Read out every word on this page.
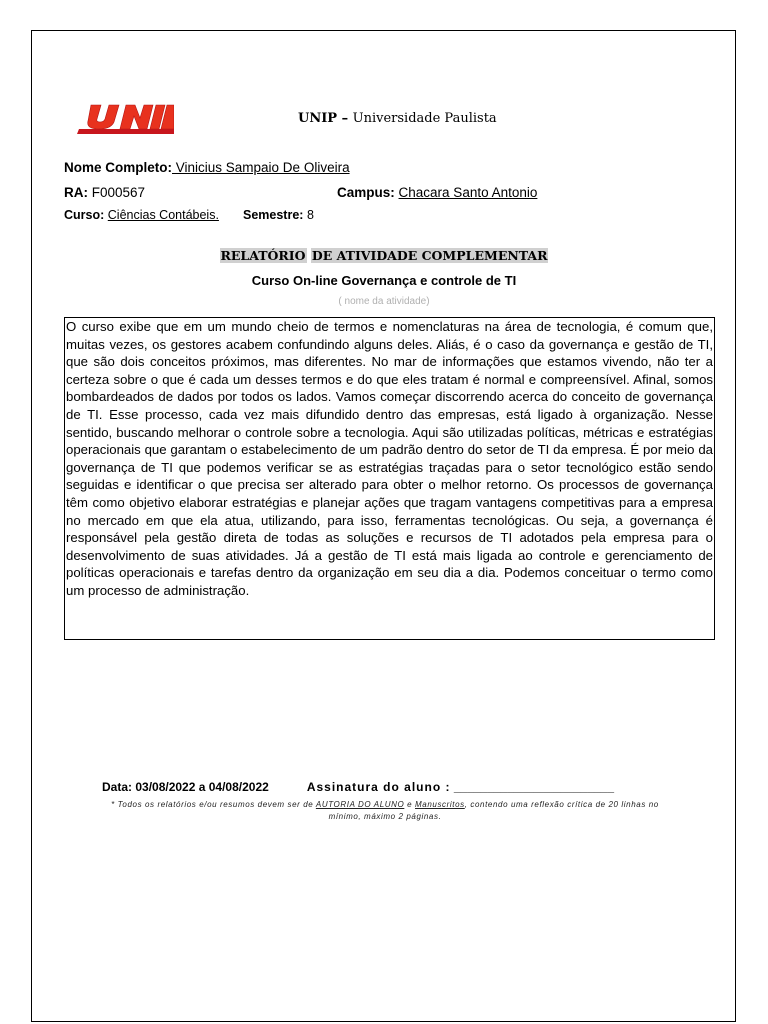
UNIP – Universidade Paulista
Nome Completo: Vinicius Sampaio De Oliveira
RA: F000567	Campus: Chacara Santo Antonio
Curso: Ciências Contábeis. Semestre: 8
RELATÓRIO DE ATIVIDADE COMPLEMENTAR
Curso On-line Governança e controle de TI
( nome da atividade)

O curso exibe que em um mundo cheio de termos e nomenclaturas na área de tecnologia, é comum que, muitas vezes, os gestores acabem confundindo alguns deles. Aliás, é o caso da governança e gestão de TI, que são dois conceitos próximos, mas diferentes. No mar de informações que estamos vivendo, não ter a certeza sobre o que é cada um desses termos e do que eles tratam é normal e compreensível. Afinal, somos bombardeados de dados por todos os lados. Vamos começar discorrendo acerca do conceito de governança de TI. Esse processo, cada vez mais difundido dentro das empresas, está ligado à organização. Nesse sentido, buscando melhorar o controle sobre a tecnologia. Aqui são utilizadas políticas, métricas e estratégias operacionais que garantam o estabelecimento de um padrão dentro do setor de TI da empresa. É por meio da governança de TI que podemos verificar se as estratégias traçadas para o setor tecnológico estão sendo seguidas e identificar o que precisa ser alterado para obter o melhor retorno. Os processos de governança têm como objetivo elaborar estratégias e planejar ações que tragam vantagens competitivas para a empresa no mercado em que ela atua, utilizando, para isso, ferramentas tecnológicas. Ou seja, a governança é responsável pela gestão direta de todas as soluções e recursos de TI adotados pela empresa para o desenvolvimento de suas atividades. Já a gestão de TI está mais ligada ao controle e gerenciamento de políticas operacionais e tarefas dentro da organização em seu dia a dia. Podemos conceituar o termo como um processo de administração.

Data: 03/08/2022 a 04/08/2022	Assinatura do aluno : ________________________
* Todos os relatórios e/ou resumos devem ser de AUTORIA DO ALUNO e Manuscritos, contendo uma reflexão crítica de 20 linhas no mínimo, máximo 2 páginas.
